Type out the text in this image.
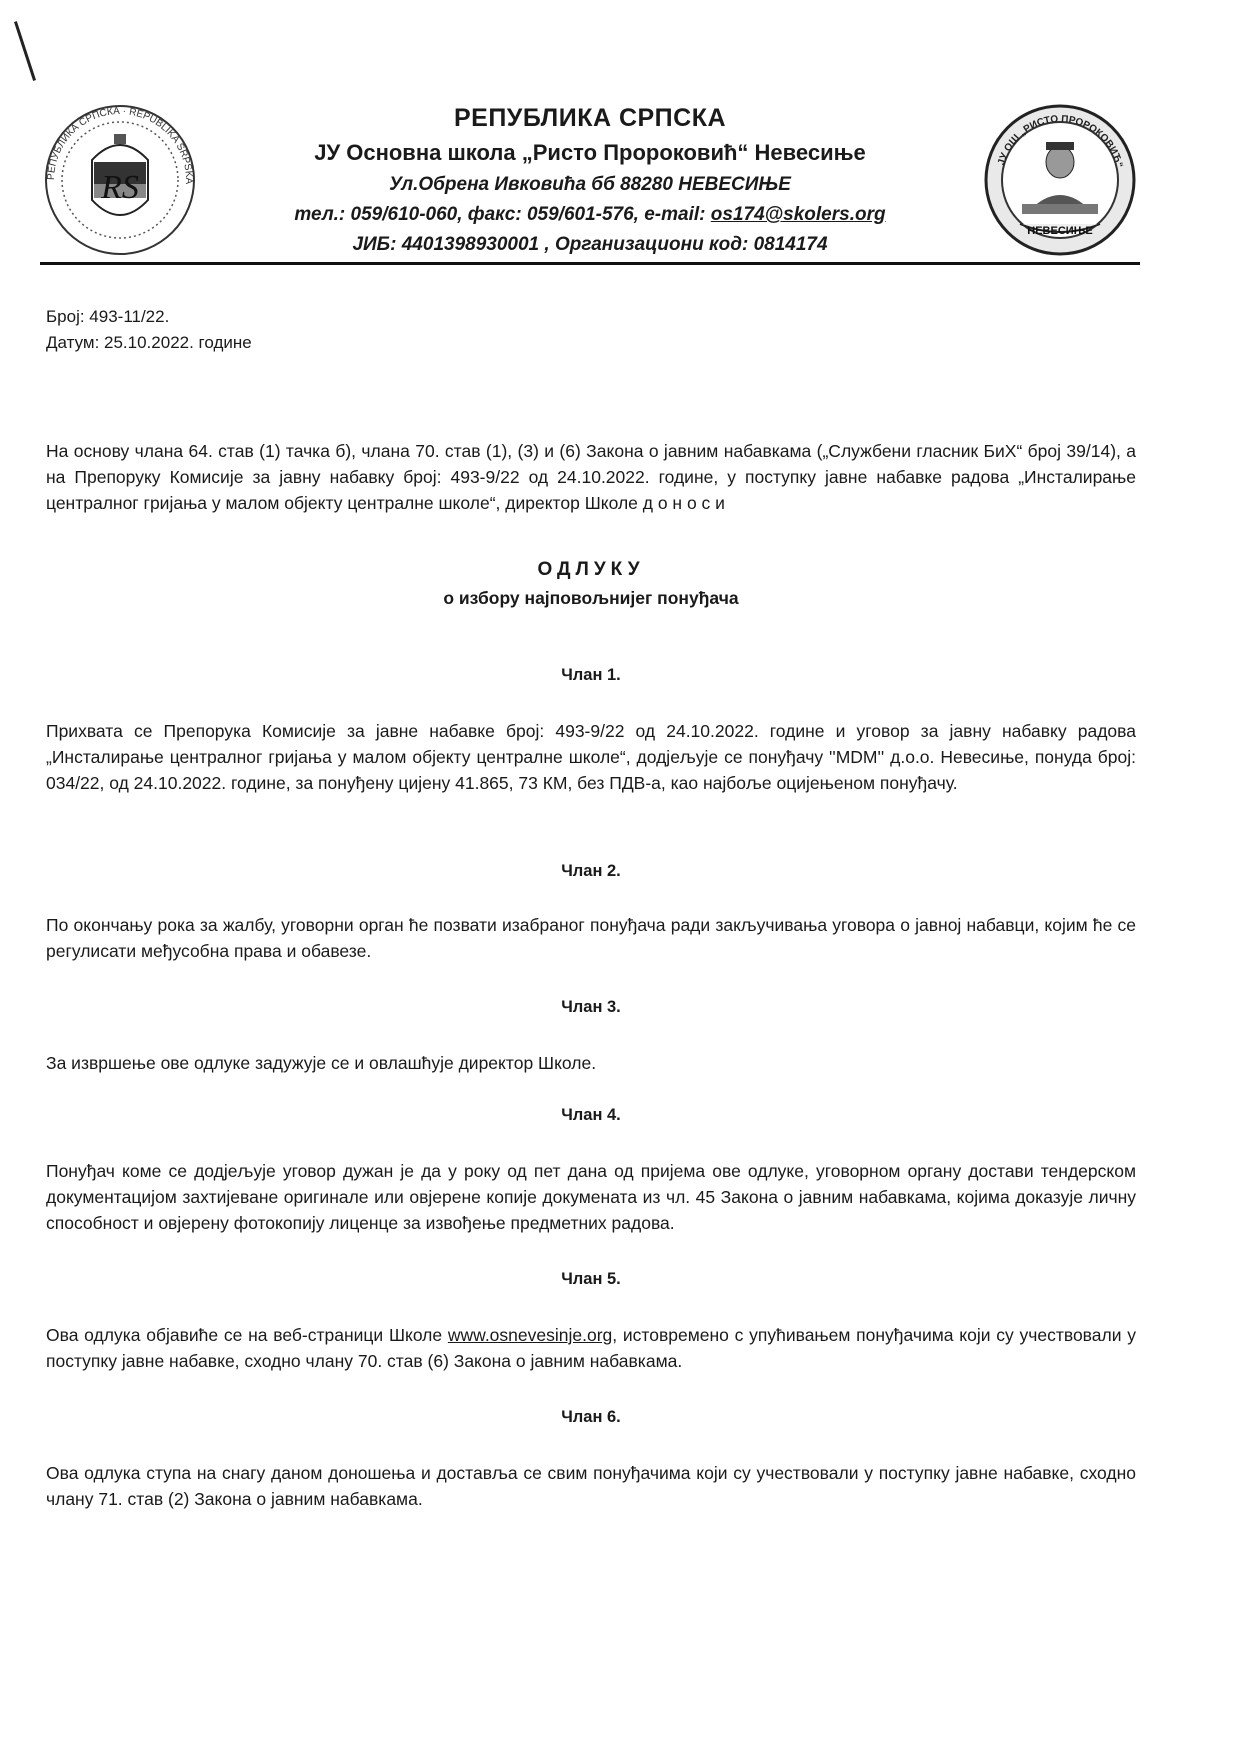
RS
РЕПУБЛИКА СРПСКА · REPUBLIKA SRPSKA
РЕПУБЛИКА СРПСКА
ЈУ Основна школа „Ристо Пророковић“ Невесиње
Ул.Обрена Ивковића бб 88280 НЕВЕСИЊЕ
тел.: 059/610-060, факс: 059/601-576, e-mail: os174@skolers.org
ЈИБ: 4401398930001 , Организациони код: 0814174
ЈУ ОШ „РИСТО ПРОРОКОВИЋ“
НЕВЕСИЊЕ
Број: 493-11/22.
Датум: 25.10.2022. године

На основу члана 64. став (1) тачка б), члана 70. став (1), (3) и (6) Закона о јавним набавкама („Службени гласник БиХ“ број 39/14), а на Препоруку Комисије за јавну набавку број: 493-9/22 од 24.10.2022. године, у поступку јавне набавке радова „Инсталирање централног гријања у малом објекту централне школе“, директор Школе д о н о с и

ОДЛУКУ
о избору најповољнијег понуђача
Члан 1.

Прихвата се Препорука Комисије за јавне набавке број: 493-9/22 од 24.10.2022. године и уговор за јавну набавку радова „Инсталирање централног гријања у малом објекту централне школе“, додјељује се понуђачу ''MDM'' д.о.о. Невесиње, понуда број: 034/22, од 24.10.2022. године, за понуђену цијену 41.865, 73 КМ, без ПДВ-а, као најбоље оцијењеном понуђачу.

Члан 2.

По окончању рока за жалбу, уговорни орган ће позвати изабраног понуђача ради закључивања уговора о јавној набавци, којим ће се регулисати међусобна права и обавезе.

Члан 3.

За извршење ове одлуке задужује се и овлашћује директор Школе.

Члан 4.

Понуђач коме се додјељује уговор дужан је да у року од пет дана од пријема ове одлуке, уговорном органу достави тендерском документацијом захтијеване оригинале или овјерене копије докумената из чл. 45 Закона о јавним набавкама, којима доказује личну способност и овјерену фотокопију лиценце за извођење предметних радова.

Члан 5.

Ова одлука објавиће се на веб-страници Школе www.osnevesinje.org, истовремено с упућивањем понуђачима који су учествовали у поступку јавне набавке, сходно члану 70. став (6) Закона о јавним набавкама.

Члан 6.

Ова одлука ступа на снагу даном доношења и доставља се свим понуђачима који су учествовали у поступку јавне набавке, сходно члану 71. став (2) Закона о јавним набавкама.
